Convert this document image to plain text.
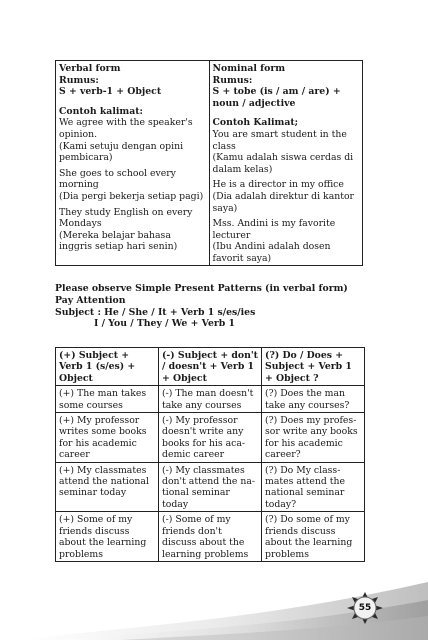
Verbal form
Rumus:
S + verb-1 + Object
Contoh kalimat:
We agree with the speaker's opinion.
(Kami setuju dengan opini pembicara)
She goes to school every morning
(Dia pergi bekerja setiap pagi)
They study English on every Mondays
(Mereka belajar bahasa inggris setiap hari senin)

Nominal form
Rumus:
S + tobe (is / am / are) + noun / adjective
Contoh Kalimat;
You are smart student in the class
(Kamu adalah siswa cerdas di dalam kelas)
He is a director in my office
(Dia adalah direktur di kantor saya)
Mss. Andini is my favorite lecturer
(Ibu Andini adalah dosen favorit saya)
Please observe Simple Present Patterns (in verbal form)
Pay Attention
Subject : He / She / It + Verb 1 s/es/ies
I / You / They / We + Verb 1
(+) Subject + Verb 1 (s/es) + Object	(-) Subject + don't / doesn't + Verb 1 + Object	(?) Do / Does + Subject + Verb 1 + Object ?
(+) The man takes some courses	(-) The man doesn't take any courses	(?) Does the man take any courses?
(+) My professor writes some books for his academic career	(-) My professor doesn't write any books for his aca-demic career	(?) Does my profes-sor write any books for his academic career?
(+) My classmates attend the national seminar today	(-) My classmates don't attend the na-tional seminar today	(?) Do My class-mates attend the national seminar today?
(+) Some of my friends discuss about the learning problems	(-) Some of my friends don't discuss about the learning problems	(?) Do some of my friends discuss about the learning problems
55
